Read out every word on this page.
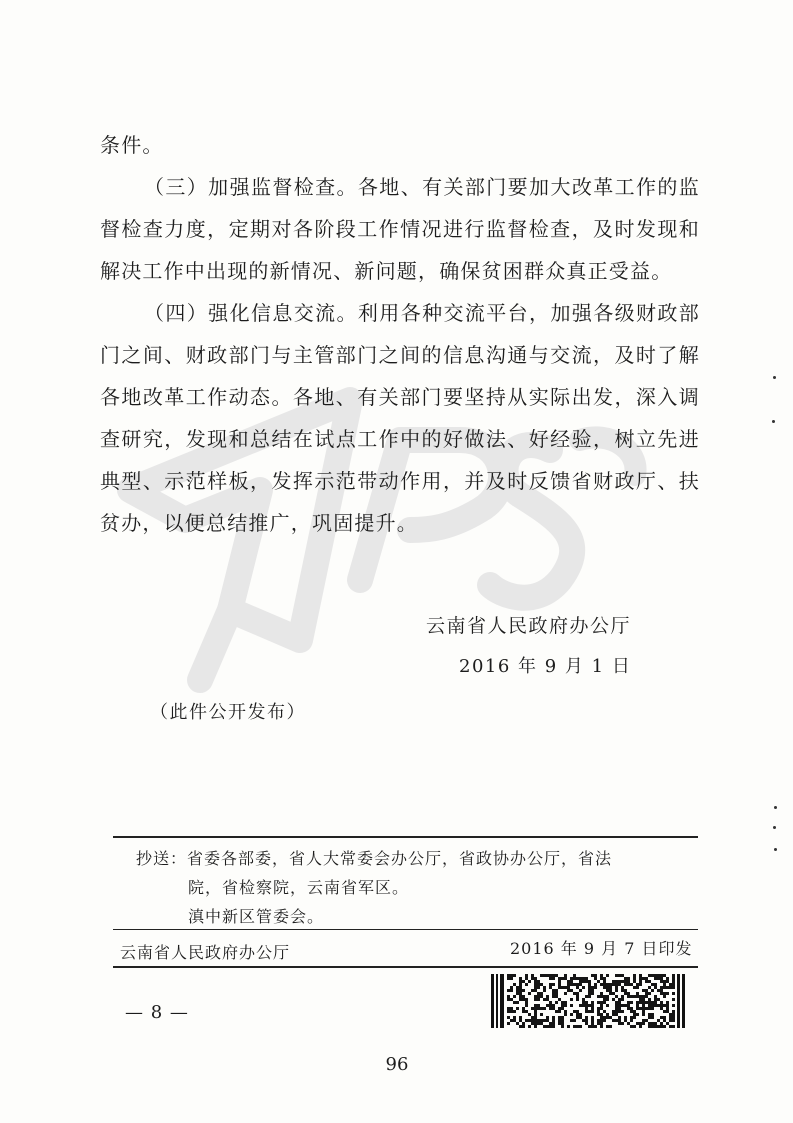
条件。

（三）加强监督检查。各地、有关部门要加大改革工作的监督检查力度，定期对各阶段工作情况进行监督检查，及时发现和解决工作中出现的新情况、新问题，确保贫困群众真正受益。

（四）强化信息交流。利用各种交流平台，加强各级财政部门之间、财政部门与主管部门之间的信息沟通与交流，及时了解各地改革工作动态。各地、有关部门要坚持从实际出发，深入调查研究，发现和总结在试点工作中的好做法、好经验，树立先进典型、示范样板，发挥示范带动作用，并及时反馈省财政厅、扶贫办，以便总结推广，巩固提升。

云南省人民政府办公厅
2016 年 9 月 1 日
（此件公开发布）
抄送：省委各部委，省人大常委会办公厅，省政协办公厅，省法
院，省检察院，云南省军区。
滇中新区管委会。
云南省人民政府办公厅	2016 年 9 月 7 日印发
— 8 —
96
